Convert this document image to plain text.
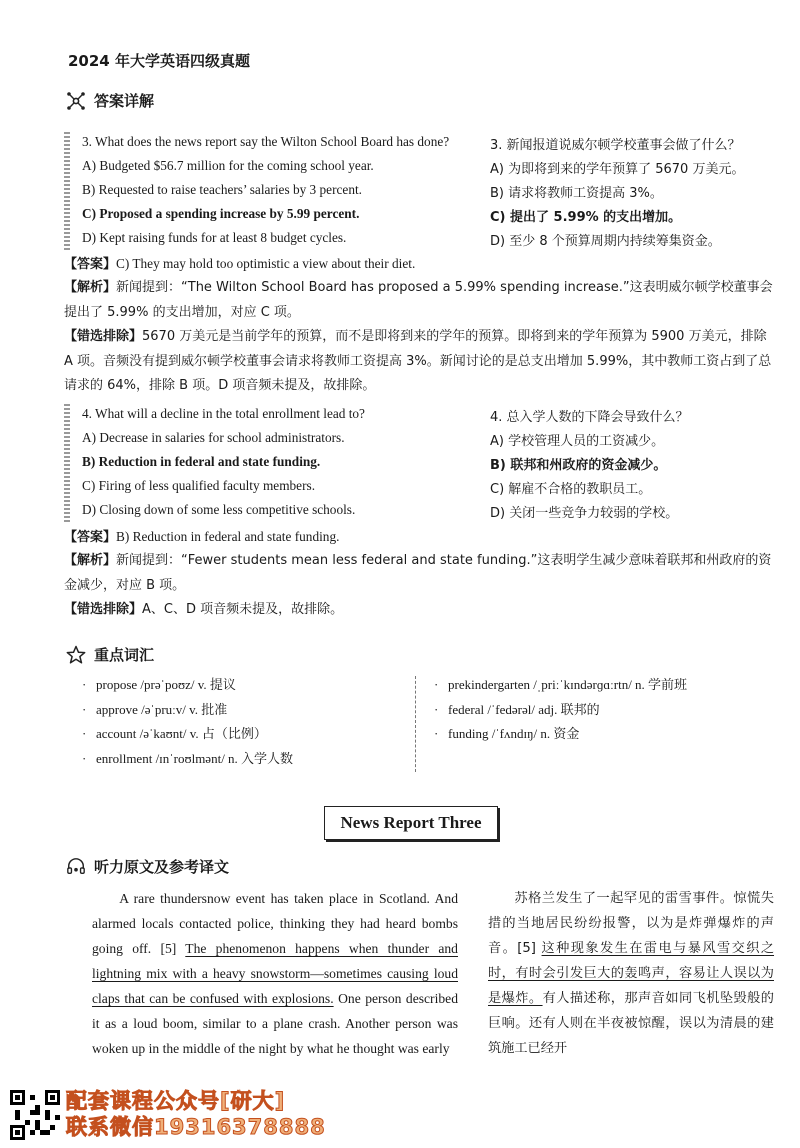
2024 年大学英语四级真题
答案详解
3. What does the news report say the Wilton School Board has done?
A) Budgeted $56.7 million for the coming school year.
B) Requested to raise teachers’ salaries by 3 percent.
C) Proposed a spending increase by 5.99 percent.
D) Kept raising funds for at least 8 budget cycles.
3. 新闻报道说威尔顿学校董事会做了什么？
A) 为即将到来的学年预算了 5670 万美元。
B) 请求将教师工资提高 3%。
C) 提出了 5.99% 的支出增加。
D) 至少 8 个预算周期内持续筹集资金。
【答案】C) They may hold too optimistic a view about their diet.
【解析】新闻提到：“The Wilton School Board has proposed a 5.99% spending increase.”这表明威尔顿学校董事会提出了 5.99% 的支出增加，对应 C 项。
【错选排除】5670 万美元是当前学年的预算，而不是即将到来的学年的预算。即将到来的学年预算为 5900 万美元，排除 A 项。音频没有提到威尔顿学校董事会请求将教师工资提高 3%。新闻讨论的是总支出增加 5.99%，其中教师工资占到了总请求的 64%，排除 B 项。D 项音频未提及，故排除。
4. What will a decline in the total enrollment lead to?
A) Decrease in salaries for school administrators.
B) Reduction in federal and state funding.
C) Firing of less qualified faculty members.
D) Closing down of some less competitive schools.
4. 总入学人数的下降会导致什么？
A) 学校管理人员的工资减少。
B) 联邦和州政府的资金减少。
C) 解雇不合格的教职员工。
D) 关闭一些竞争力较弱的学校。
【答案】B) Reduction in federal and state funding.
【解析】新闻提到：“Fewer students mean less federal and state funding.”这表明学生减少意味着联邦和州政府的资金减少，对应 B 项。
【错选排除】A、C、D 项音频未提及，故排除。
重点词汇
· propose /prəˈpoʊz/ v. 提议
· approve /əˈpruːv/ v. 批准
· account /əˈkaʊnt/ v. 占（比例）
· enrollment /ɪnˈroʊlmənt/ n. 入学人数
· prekindergarten /ˌpriːˈkɪndərɡɑːrtn/ n. 学前班
· federal /ˈfedərəl/ adj. 联邦的
· funding /ˈfʌndɪŋ/ n. 资金
News Report Three
听力原文及参考译文

A rare thundersnow event has taken place in Scotland. And alarmed locals contacted police, thinking they had heard bombs going off. [5] The phenomenon happens when thunder and lightning mix with a heavy snowstorm—sometimes causing loud claps that can be confused with explosions. One person described it as a loud boom, similar to a plane crash. Another person was woken up in the middle of the night by what he thought was early

苏格兰发生了一起罕见的雷雪事件。惊慌失措的当地居民纷纷报警，以为是炸弹爆炸的声音。[5] 这种现象发生在雷电与暴风雪交织之时，有时会引发巨大的轰鸣声，容易让人误以为是爆炸。有人描述称，那声音如同飞机坠毁般的巨响。还有人则在半夜被惊醒，误以为清晨的建筑施工已经开

配套课程公众号[研大]
联系微信19316378888
